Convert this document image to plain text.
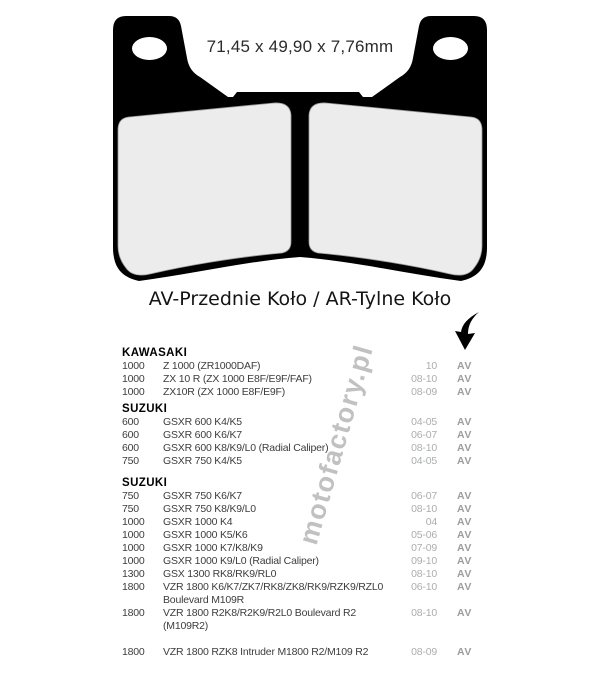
71,45 x 49,90 x 7,76mm
AV-Przednie Koło / AR-Tylne Koło
motofactory.pl
KAWASAKI
1000	Z 1000 (ZR1000DAF)	10	AV
1000	ZX 10 R (ZX 1000 E8F/E9F/FAF)	08-10	AV
1000	ZX10R (ZX 1000 E8F/E9F)	08-09	AV
SUZUKI
600	GSXR 600 K4/K5	04-05	AV
600	GSXR 600 K6/K7	06-07	AV
600	GSXR 600 K8/K9/L0 (Radial Caliper)	08-10	AV
750	GSXR 750 K4/K5	04-05	AV
SUZUKI
750	GSXR 750 K6/K7	06-07	AV
750	GSXR 750 K8/K9/L0	08-10	AV
1000	GSXR 1000 K4	04	AV
1000	GSXR 1000 K5/K6	05-06	AV
1000	GSXR 1000 K7/K8/K9	07-09	AV
1000	GSXR 1000 K9/L0 (Radial Caliper)	09-10	AV
1300	GSX 1300 RK8/RK9/RL0	08-10	AV
1800	VZR 1800 K6/K7/ZK7/RK8/ZK8/RK9/RZK9/RZL0 Boulevard M109R
06-10	AV
1800	VZR 1800 R2K8/R2K9/R2L0 Boulevard R2 (M109R2)
08-10	AV
1800	VZR 1800 RZK8 Intruder M1800 R2/M109 R2	08-09	AV
